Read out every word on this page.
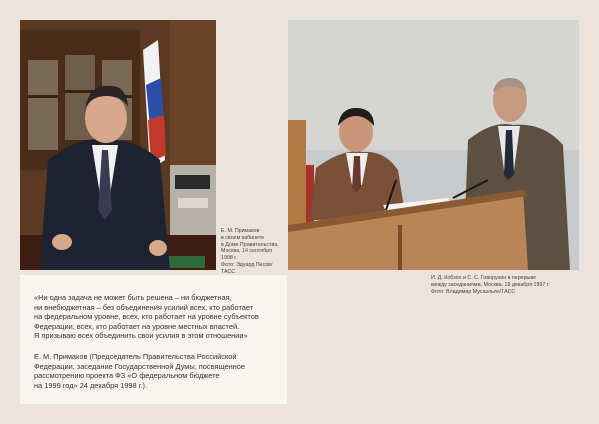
Е. М. Примаков
в своем кабинете
в Доме Правительства,
Москва, 14 сентября
1998 г.
Фото: Эдуард Песов/
ТАСС
И. Д. Кобзон и С. С. Говорухин в перерыве
между заседаниями, Москва, 19 декабря 1997 г.
Фото: Владимир Мусаэльян/ТАСС
«Ни одна задача не может быть решена – ни бюджетная,
ни внебюджетная – без объединения усилий всех, кто работает
на федеральном уровне, всех, кто работает на уровне субъектов
Федерации, всех, кто работает на уровне местных властей.
Я призываю всех объединить свои усилия в этом отношении»
Е. М. Примаков (Председатель Правительства Российской
Федерации, заседание Государственной Думы, посвященное
рассмотрению проекта ФЗ «О федеральном бюджете
на 1999 год» 24 декабря 1998 г.).
